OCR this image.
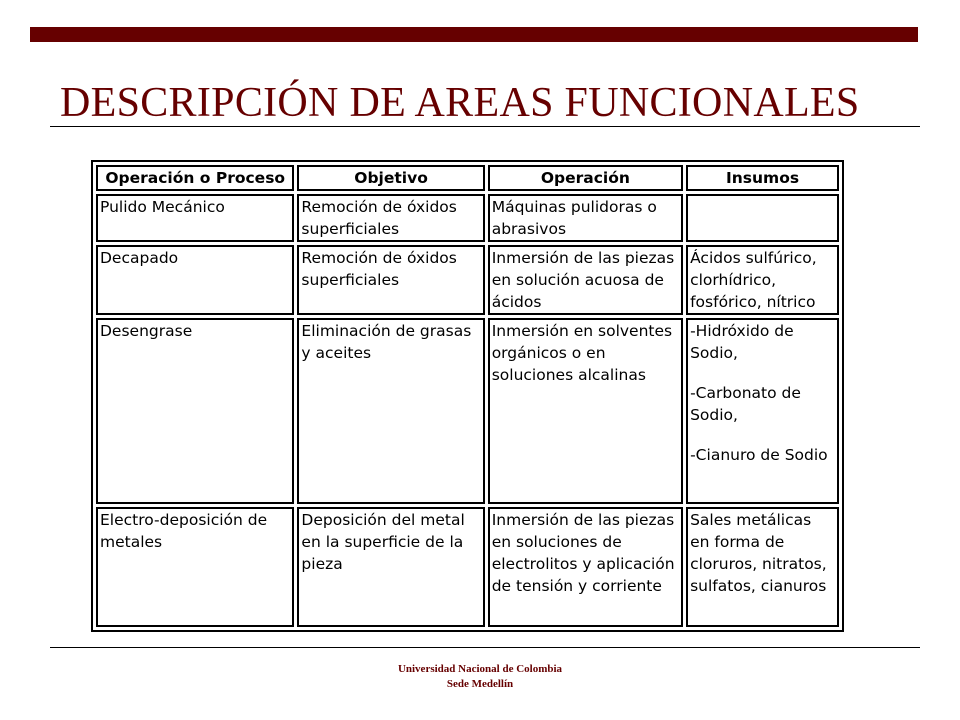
DESCRIPCIÓN DE AREAS FUNCIONALES
Operación o Proceso	Objetivo	Operación	Insumos
Pulido Mecánico	Remoción de óxidos superficiales	Máquinas pulidoras o abrasivos	
Decapado	Remoción de óxidos superficiales	Inmersión de las piezas en solución acuosa de ácidos	Ácidos sulfúrico, clorhídrico, fosfórico, nítrico
Desengrase	Eliminación de grasas y aceites	Inmersión en solventes orgánicos o en soluciones alcalinas	-Hidróxido de Sodio,
-Carbonato de Sodio,
-Cianuro de Sodio

Electro-deposición de metales	Deposición del metal en la superficie de la pieza	Inmersión de las piezas en soluciones de electrolitos y aplicación de tensión y corriente	Sales metálicas en forma de cloruros, nitratos, sulfatos, cianuros
Universidad Nacional de Colombia
Sede Medellín
